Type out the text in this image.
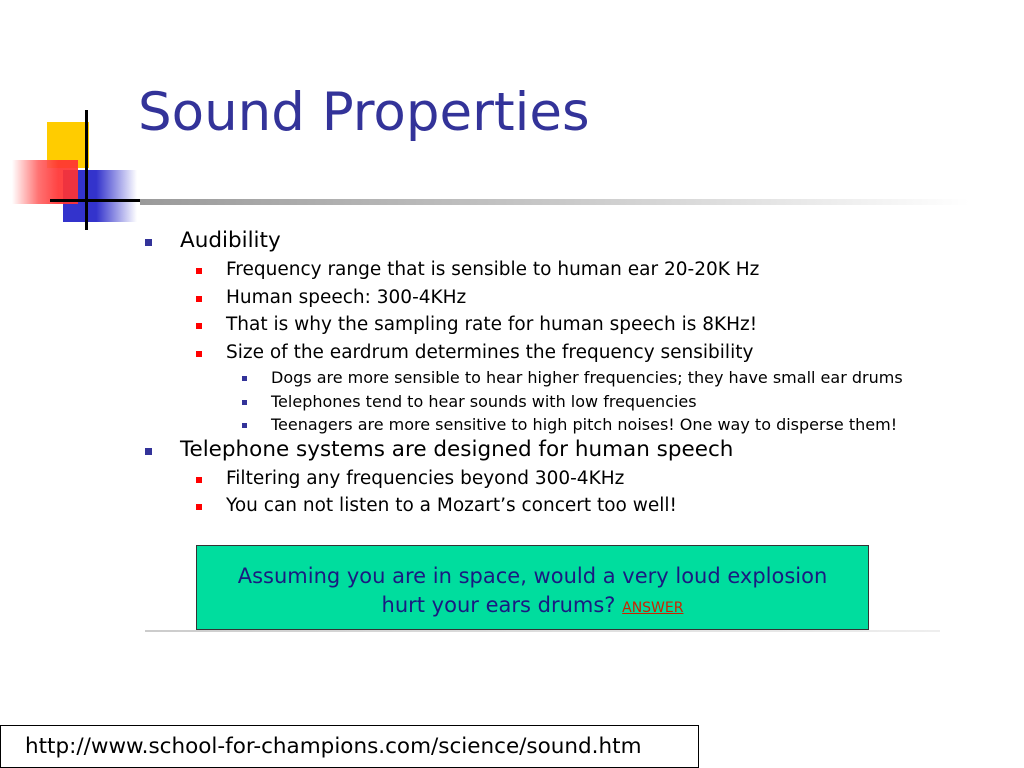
Sound Properties
Audibility
Frequency range that is sensible to human ear 20-20K Hz
Human speech: 300-4KHz
That is why the sampling rate for human speech is 8KHz!
Size of the eardrum determines the frequency sensibility
Dogs are more sensible to hear higher frequencies; they have small ear drums
Telephones tend to hear sounds with low frequencies
Teenagers are more sensitive to high pitch noises! One way to disperse them!
Telephone systems are designed for human speech
Filtering any frequencies beyond 300-4KHz
You can not listen to a Mozart’s concert too well!
Assuming you are in space, would a very loud explosion
hurt your ears drums? ANSWER
http://www.school-for-champions.com/science/sound.htm
